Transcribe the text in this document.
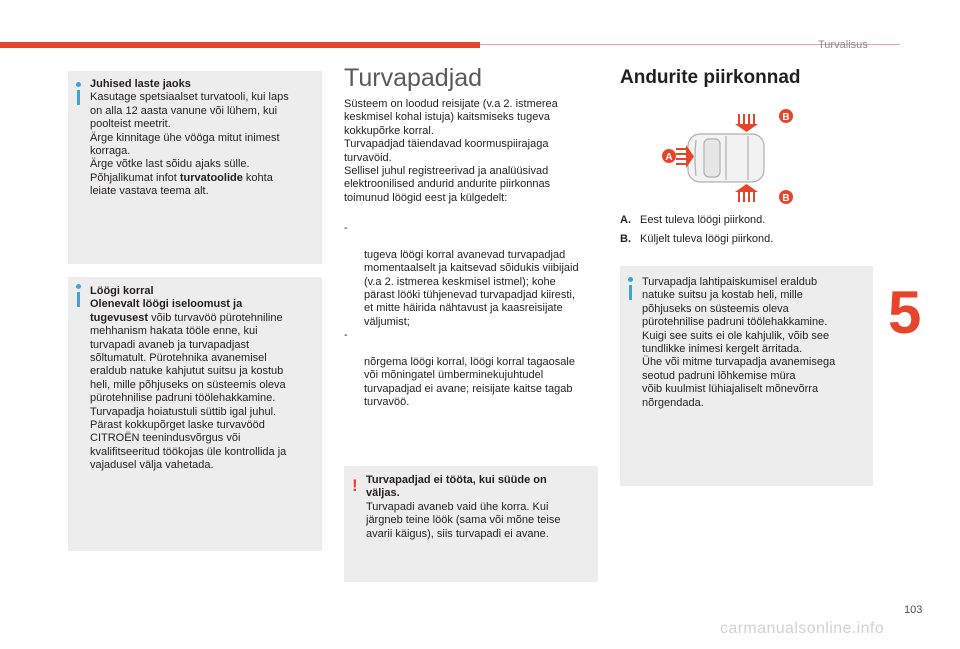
Turvalisus
5
103
carmanualsonline.info

Juhised laste jaoks

Kasutage spetsiaalset turvatooli, kui laps
on alla 12 aasta vanune või lühem, kui
poolteist meetrit.
Ärge kinnitage ühe vööga mitut inimest
korraga.
Ärge võtke last sõidu ajaks sülle.
Põhjalikumat infot turvatoolide kohta
leiate vastava teema alt.

Löögi korral
Olenevalt löögi iseloomust ja
tugevusest võib turvavöö pürotehniline
mehhanism hakata tööle enne, kui
turvapadi avaneb ja turvapadjast
sõltumatult. Pürotehnika avanemisel
eraldub natuke kahjutut suitsu ja kostub
heli, mille põhjuseks on süsteemis oleva
pürotehnilise padruni töölehakkamine.
Turvapadja hoiatustuli süttib igal juhul.
Pärast kokkupõrget laske turvavööd
CITROËN teenindusvõrgus või
kvalifitseeritud töökojas üle kontrollida ja
vajadusel välja vahetada.

Turvapadjad
Süsteem on loodud reisijate (v.a 2. istmerea
keskmisel kohal istuja) kaitsmiseks tugeva
kokkupõrke korral.
Turvapadjad täiendavad koormuspiirajaga
turvavöid.
Sellisel juhul registreerivad ja analüüsivad
elektroonilised andurid andurite piirkonnas
toimunud löögid eest ja külgedelt:

-

tugeva löögi korral avanevad turvapadjad
momentaalselt ja kaitsevad sõidukis viibijaid
(v.a 2. istmerea keskmisel istmel); kohe
pärast lööki tühjenevad turvapadjad kiiresti,
et mitte häirida nähtavust ja kaasreisijate
väljumist;

-

nõrgema löögi korral, löögi korral tagaosale
või mõningatel ümberminekujuhtudel
turvapadjad ei avane; reisijate kaitse tagab
turvavöö.

! Turvapadjad ei tööta, kui süüde on
väljas.

Turvapadi avaneb vaid ühe korra. Kui
järgneb teine löök (sama või mõne teise
avarii käigus), siis turvapadi ei avane.

Andurite piirkonnad
A
B
B
A. Eest tuleva löögi piirkond.
B. Küljelt tuleva löögi piirkond.

Turvapadja lahtipaiskumisel eraldub
natuke suitsu ja kostab heli, mille
põhjuseks on süsteemis oleva
pürotehnilise padruni töölehakkamine.
Kuigi see suits ei ole kahjulik, võib see
tundlikke inimesi kergelt ärritada.
Ühe või mitme turvapadja avanemisega
seotud padruni lõhkemise müra
võib kuulmist lühiajaliselt mõnevõrra
nõrgendada.
